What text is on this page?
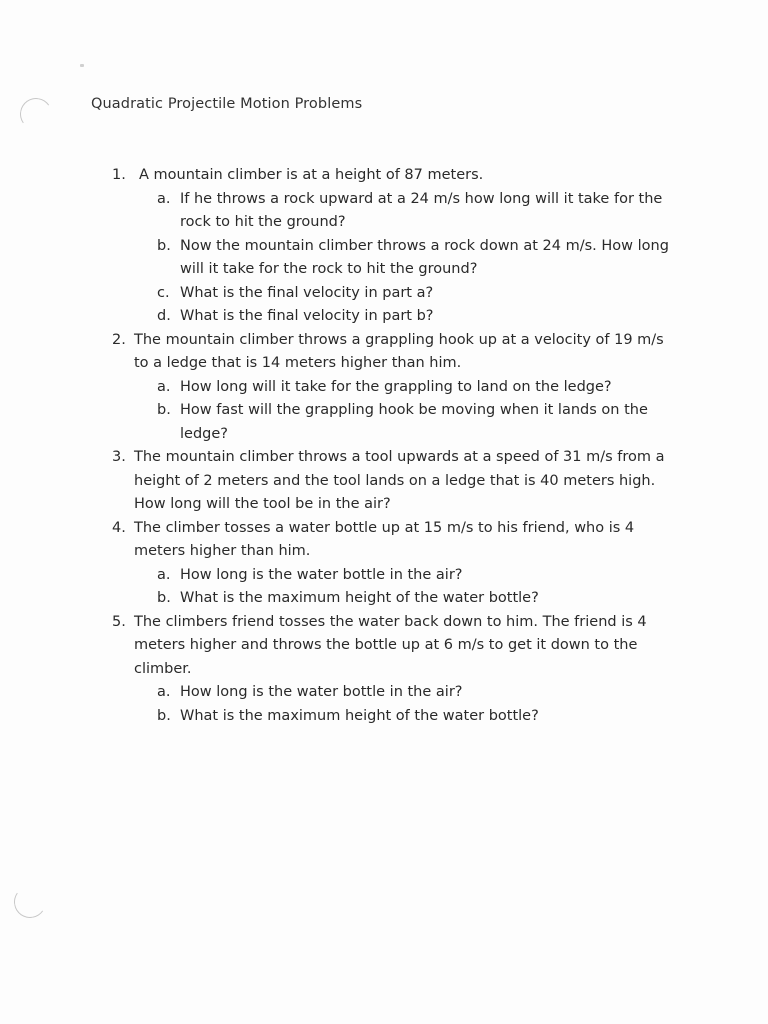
Quadratic Projectile Motion Problems
1. A mountain climber is at a height of 87 meters.
a. If he throws a rock upward at a 24 m/s how long will it take for the rock to hit the ground?
b. Now the mountain climber throws a rock down at 24 m/s. How long will it take for the rock to hit the ground?
c. What is the final velocity in part a?
d. What is the final velocity in part b?
2. The mountain climber throws a grappling hook up at a velocity of 19 m/s to a ledge that is 14 meters higher than him.
a. How long will it take for the grappling to land on the ledge?
b. How fast will the grappling hook be moving when it lands on the ledge?
3. The mountain climber throws a tool upwards at a speed of 31 m/s from a height of 2 meters and the tool lands on a ledge that is 40 meters high. How long will the tool be in the air?
4. The climber tosses a water bottle up at 15 m/s to his friend, who is 4 meters higher than him.
a. How long is the water bottle in the air?
b. What is the maximum height of the water bottle?
5. The climbers friend tosses the water back down to him. The friend is 4 meters higher and throws the bottle up at 6 m/s to get it down to the climber.
a. How long is the water bottle in the air?
b. What is the maximum height of the water bottle?
